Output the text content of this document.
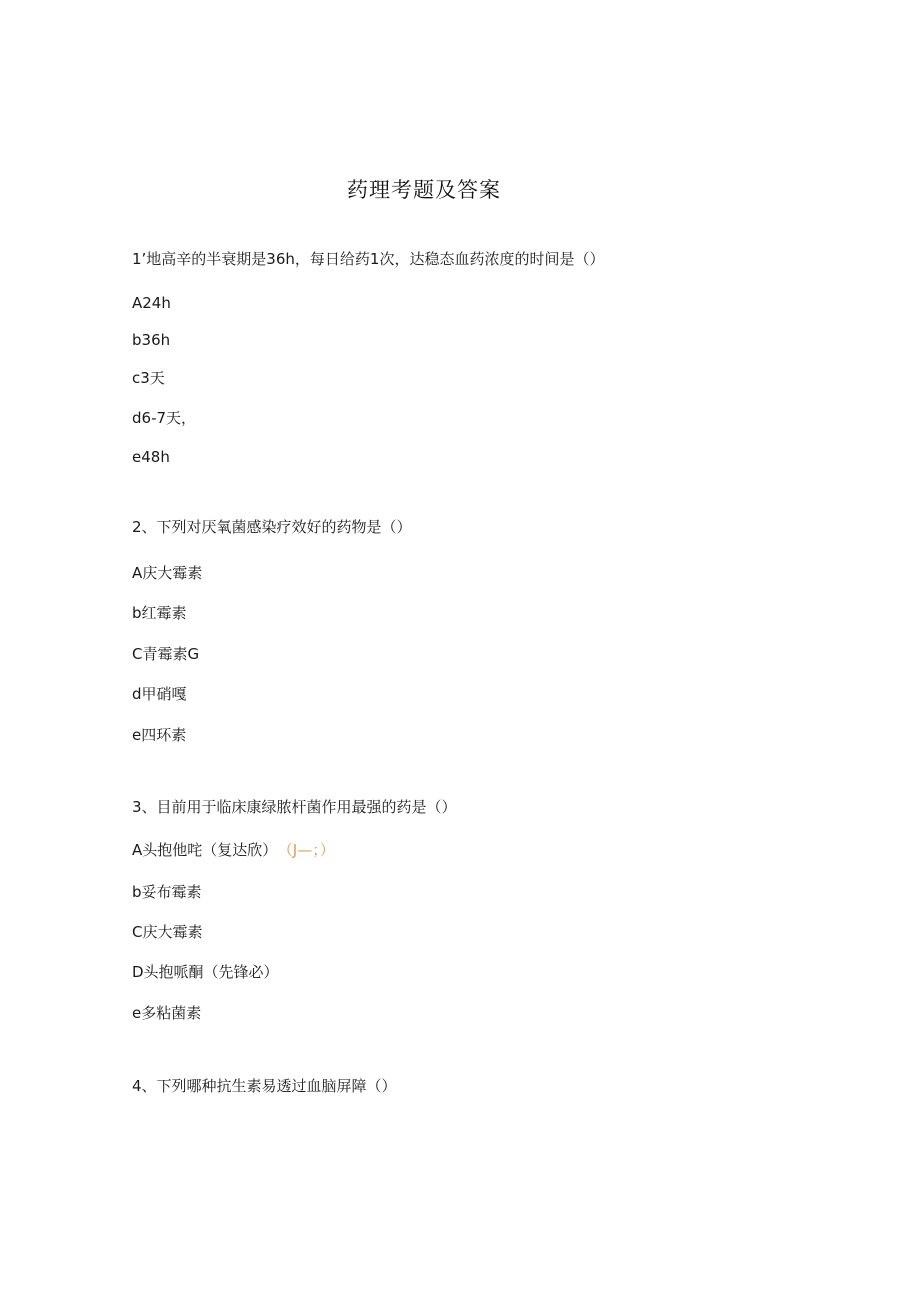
药理考题及答案
1’地高辛的半衰期是36h，每日给药1次，达稳态血药浓度的时间是（）
A24h
b36h
c3天
d6-7天，
e48h
2、下列对厌氧菌感染疗效好的药物是（）
A庆大霉素
b红霉素
C青霉素G
d甲硝嘎
e四环素
3、目前用于临床康绿脓杆菌作用最强的药是（）
A头抱他咤（复达欣） （J—；）
b妥布霉素
C庆大霉素
D头抱哌酮（先锋必）
e多粘菌素
4、下列哪种抗生素易透过血脑屏障（）
